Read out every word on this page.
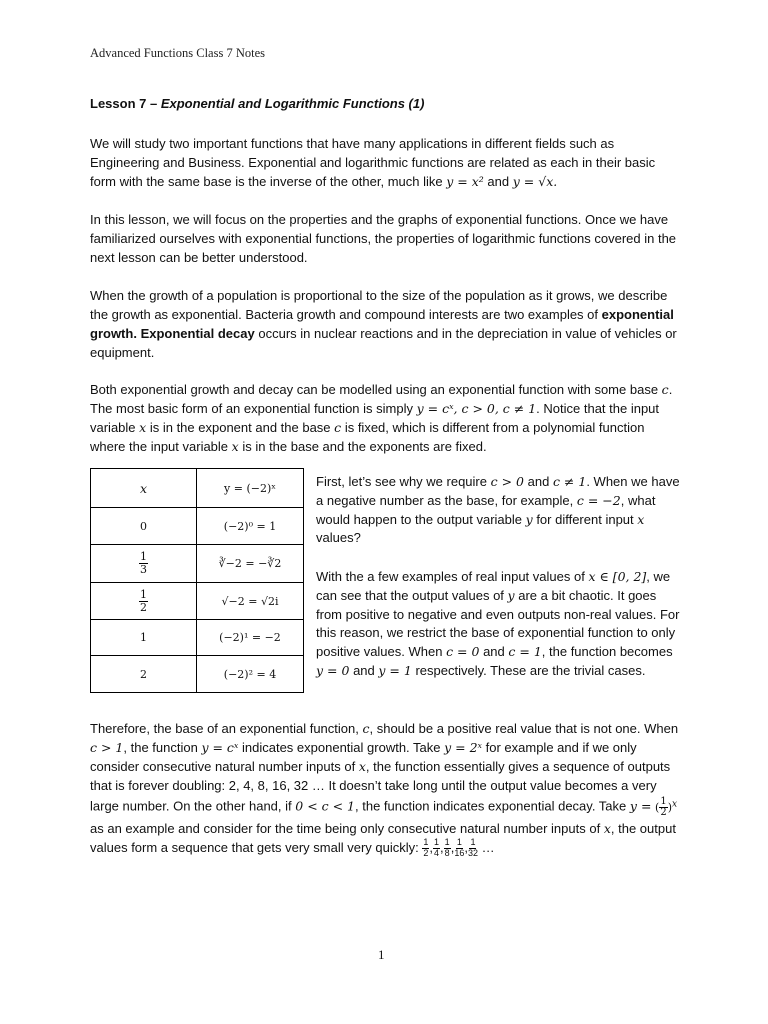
Advanced Functions Class 7 Notes
Lesson 7 – Exponential and Logarithmic Functions (1)
We will study two important functions that have many applications in different fields such as Engineering and Business. Exponential and logarithmic functions are related as each in their basic form with the same base is the inverse of the other, much like y = x² and y = √x.
In this lesson, we will focus on the properties and the graphs of exponential functions. Once we have familiarized ourselves with exponential functions, the properties of logarithmic functions covered in the next lesson can be better understood.
When the growth of a population is proportional to the size of the population as it grows, we describe the growth as exponential. Bacteria growth and compound interests are two examples of exponential growth. Exponential decay occurs in nuclear reactions and in the depreciation in value of vehicles or equipment.
Both exponential growth and decay can be modelled using an exponential function with some base c. The most basic form of an exponential function is simply y = cˣ, c > 0, c ≠ 1. Notice that the input variable x is in the exponent and the base c is fixed, which is different from a polynomial function where the input variable x is in the base and the exponents are fixed.
x	y = (−2)ˣ
0	(−2)⁰ = 1

$\frac{1}{3}$	∛−2 = −∛2

$\frac{1}{2}$	√−2 = √2i
1	(−2)¹ = −2
2	(−2)² = 4
First, let’s see why we require c > 0 and c ≠ 1. When we have a negative number as the base, for example, c = −2, what would happen to the output variable y for different input x values?
With the a few examples of real input values of x ∈ [0, 2], we can see that the output values of y are a bit chaotic. It goes from positive to negative and even outputs non-real values. For this reason, we restrict the base of exponential function to only positive values. When c = 0 and c = 1, the function becomes y = 0 and y = 1 respectively. These are the trivial cases.
Therefore, the base of an exponential function, c, should be a positive real value that is not one. When c > 1, the function y = cˣ indicates exponential growth. Take y = 2ˣ for example and if we only consider consecutive natural number inputs of x, the function essentially gives a sequence of outputs that is forever doubling: 2, 4, 8, 16, 32 … It doesn’t take long until the output value becomes a very large number. On the other hand, if 0 < c < 1, the function indicates exponential decay. Take y = ( $\frac{1}{2} )^x$ as an example and consider for the time being only consecutive natural number inputs of x, the output values form a sequence that gets very small very quickly: $\frac{1}{2}$ , $\frac{1}{4}$ , $\frac{1}{8}$ , $\frac{1}{16}$ , $\frac{1}{32}$ …
1
